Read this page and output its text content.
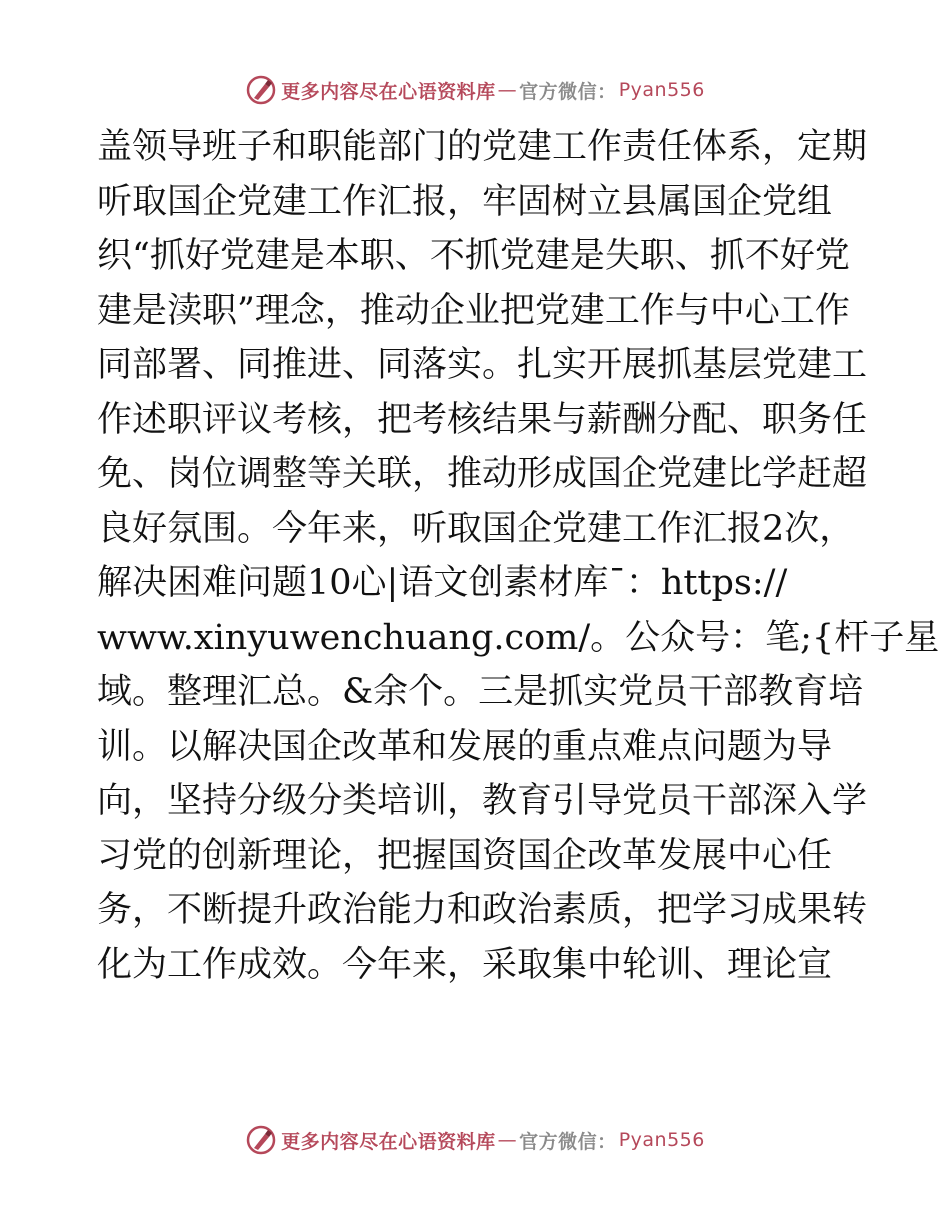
更多内容尽在心语资料库 — 官方微信： Pyan556
盖领导班子和职能部门的党建工作责任体系，定期
听取国企党建工作汇报，牢固树立县属国企党组
织“抓好党建是本职、不抓党建是失职、抓不好党
建是渎职”理念，推动企业把党建工作与中心工作
同部署、同推进、同落实。扎实开展抓基层党建工
作述职评议考核，把考核结果与薪酬分配、职务任
免、岗位调整等关联，推动形成国企党建比学赶超
良好氛围。今年来，听取国企党建工作汇报2次，
解决困难问题10心|语文创素材库¯：https://
www.xinyuwenchuang.com/。公众号：笔;{杆子星
域。整理汇总。&余个。三是抓实党员干部教育培
训。以解决国企改革和发展的重点难点问题为导
向，坚持分级分类培训，教育引导党员干部深入学
习党的创新理论，把握国资国企改革发展中心任
务，不断提升政治能力和政治素质，把学习成果转
化为工作成效。今年来，采取集中轮训、理论宣
更多内容尽在心语资料库 — 官方微信： Pyan556
